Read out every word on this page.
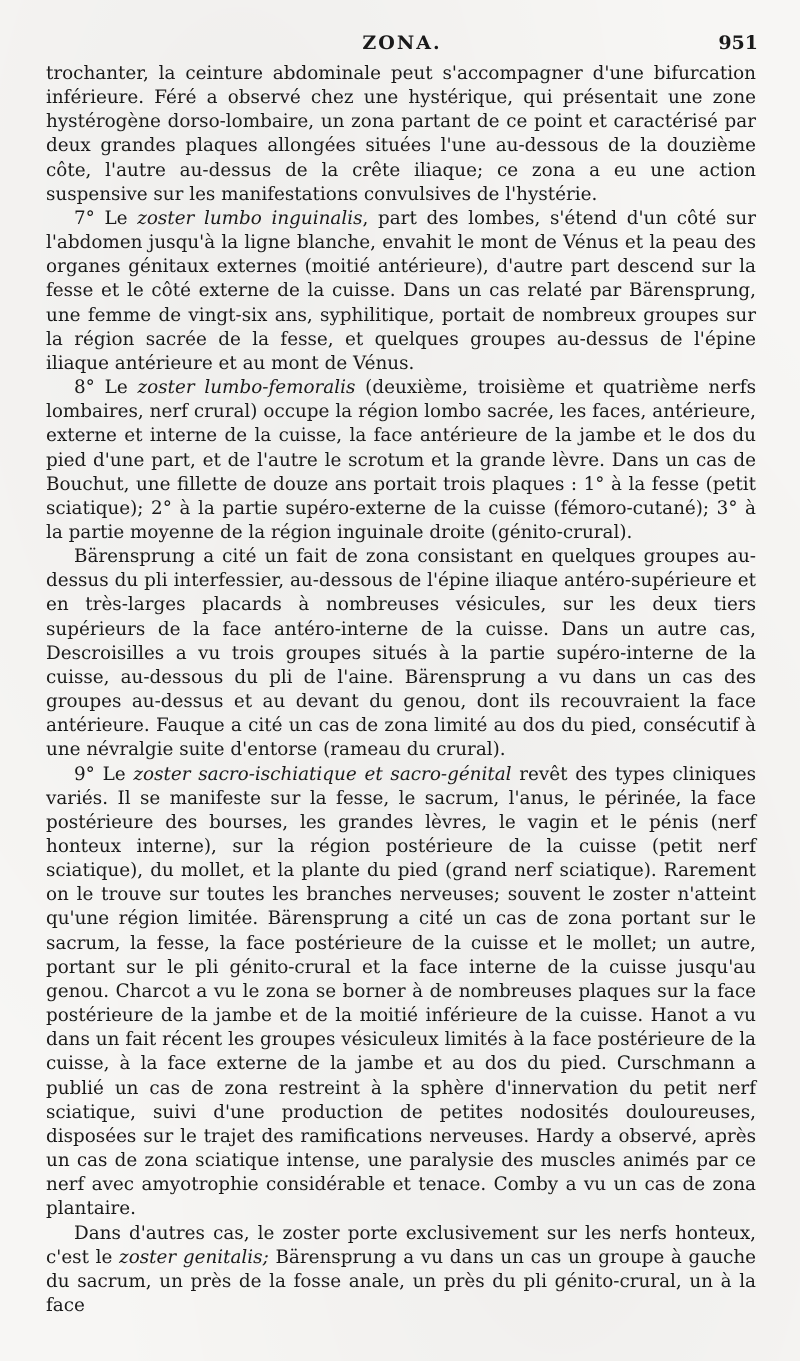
ZONA.	951

trochanter, la ceinture abdominale peut s'accompagner d'une bifurcation inférieure. Féré a observé chez une hystérique, qui présentait une zone hystérogène dorso-lombaire, un zona partant de ce point et caractérisé par deux grandes plaques allongées situées l'une au-dessous de la douzième côte, l'autre au-dessus de la crête iliaque; ce zona a eu une action suspensive sur les manifestations convulsives de l'hystérie.

7° Le zoster lumbo inguinalis, part des lombes, s'étend d'un côté sur l'abdomen jusqu'à la ligne blanche, envahit le mont de Vénus et la peau des organes génitaux externes (moitié antérieure), d'autre part descend sur la fesse et le côté externe de la cuisse. Dans un cas relaté par Bärensprung, une femme de vingt-six ans, syphilitique, portait de nombreux groupes sur la région sacrée de la fesse, et quelques groupes au-dessus de l'épine iliaque antérieure et au mont de Vénus.

8° Le zoster lumbo-femoralis (deuxième, troisième et quatrième nerfs lombaires, nerf crural) occupe la région lombo sacrée, les faces, antérieure, externe et interne de la cuisse, la face antérieure de la jambe et le dos du pied d'une part, et de l'autre le scrotum et la grande lèvre. Dans un cas de Bouchut, une fillette de douze ans portait trois plaques : 1° à la fesse (petit sciatique); 2° à la partie supéro-externe de la cuisse (fémoro-cutané); 3° à la partie moyenne de la région inguinale droite (génito-crural).

Bärensprung a cité un fait de zona consistant en quelques groupes au-dessus du pli interfessier, au-dessous de l'épine iliaque antéro-supérieure et en très-larges placards à nombreuses vésicules, sur les deux tiers supérieurs de la face antéro-interne de la cuisse. Dans un autre cas, Descroisilles a vu trois groupes situés à la partie supéro-interne de la cuisse, au-dessous du pli de l'aine. Bärensprung a vu dans un cas des groupes au-dessus et au devant du genou, dont ils recouvraient la face antérieure. Fauque a cité un cas de zona limité au dos du pied, consécutif à une névralgie suite d'entorse (rameau du crural).

9° Le zoster sacro-ischiatique et sacro-génital revêt des types cliniques variés. Il se manifeste sur la fesse, le sacrum, l'anus, le périnée, la face postérieure des bourses, les grandes lèvres, le vagin et le pénis (nerf honteux interne), sur la région postérieure de la cuisse (petit nerf sciatique), du mollet, et la plante du pied (grand nerf sciatique). Rarement on le trouve sur toutes les branches nerveuses; souvent le zoster n'atteint qu'une région limitée. Bärensprung a cité un cas de zona portant sur le sacrum, la fesse, la face postérieure de la cuisse et le mollet; un autre, portant sur le pli génito-crural et la face interne de la cuisse jusqu'au genou. Charcot a vu le zona se borner à de nombreuses plaques sur la face postérieure de la jambe et de la moitié inférieure de la cuisse. Hanot a vu dans un fait récent les groupes vésiculeux limités à la face postérieure de la cuisse, à la face externe de la jambe et au dos du pied. Curschmann a publié un cas de zona restreint à la sphère d'innervation du petit nerf sciatique, suivi d'une production de petites nodosités douloureuses, disposées sur le trajet des ramifications nerveuses. Hardy a observé, après un cas de zona sciatique intense, une paralysie des muscles animés par ce nerf avec amyotrophie considérable et tenace. Comby a vu un cas de zona plantaire.

Dans d'autres cas, le zoster porte exclusivement sur les nerfs honteux, c'est le zoster genitalis; Bärensprung a vu dans un cas un groupe à gauche du sacrum, un près de la fosse anale, un près du pli génito-crural, un à la face
